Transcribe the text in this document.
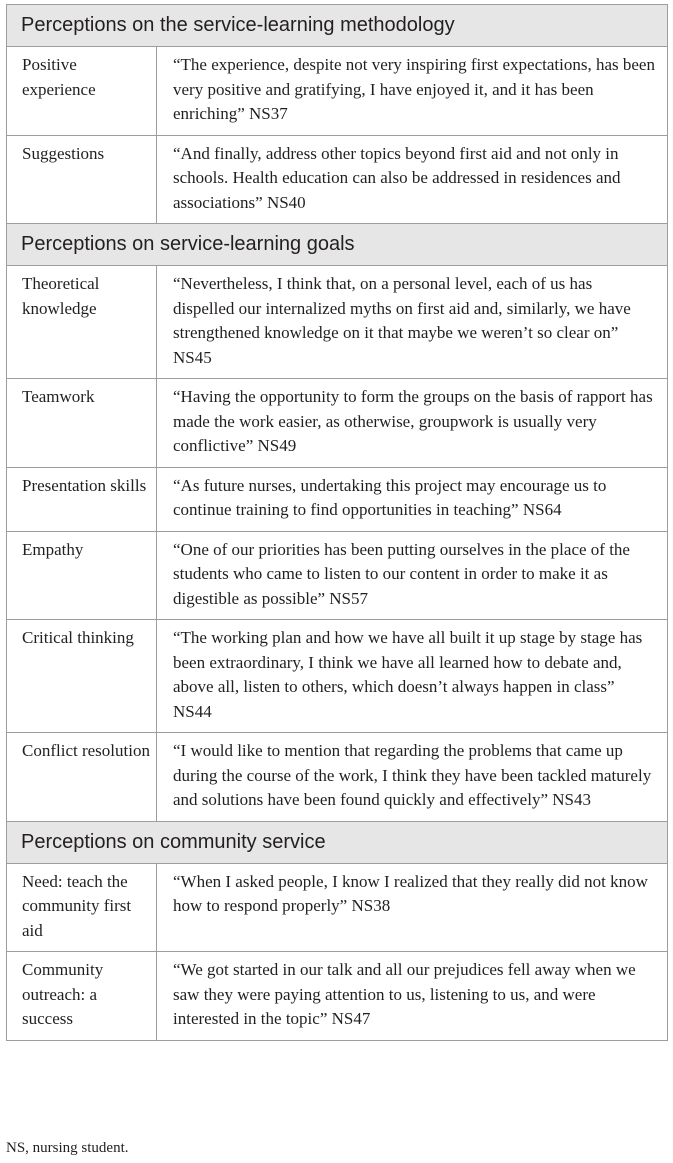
Perceptions on the service-learning methodology	
Positive experience	“The experience, despite not very inspiring first expectations, has been very positive and gratifying, I have enjoyed it, and it has been enriching” NS37
Suggestions	“And finally, address other topics beyond first aid and not only in schools. Health education can also be addressed in residences and associations” NS40
Perceptions on service-learning goals	
Theoretical knowledge	“Nevertheless, I think that, on a personal level, each of us has dispelled our internalized myths on first aid and, similarly, we have strengthened knowledge on it that maybe we weren’t so clear on” NS45
Teamwork	“Having the opportunity to form the groups on the basis of rapport has made the work easier, as otherwise, groupwork is usually very conflictive” NS49
Presentation skills	“As future nurses, undertaking this project may encourage us to continue training to find opportunities in teaching” NS64
Empathy	“One of our priorities has been putting ourselves in the place of the students who came to listen to our content in order to make it as digestible as possible” NS57
Critical thinking	“The working plan and how we have all built it up stage by stage has been extraordinary, I think we have all learned how to debate and, above all, listen to others, which doesn’t always happen in class” NS44
Conflict resolution	“I would like to mention that regarding the problems that came up during the course of the work, I think they have been tackled maturely and solutions have been found quickly and effectively” NS43
Perceptions on community service	
Need: teach the community first aid	“When I asked people, I know I realized that they really did not know how to respond properly” NS38
Community outreach: a success	“We got started in our talk and all our prejudices fell away when we saw they were paying attention to us, listening to us, and were interested in the topic” NS47
NS, nursing student.
